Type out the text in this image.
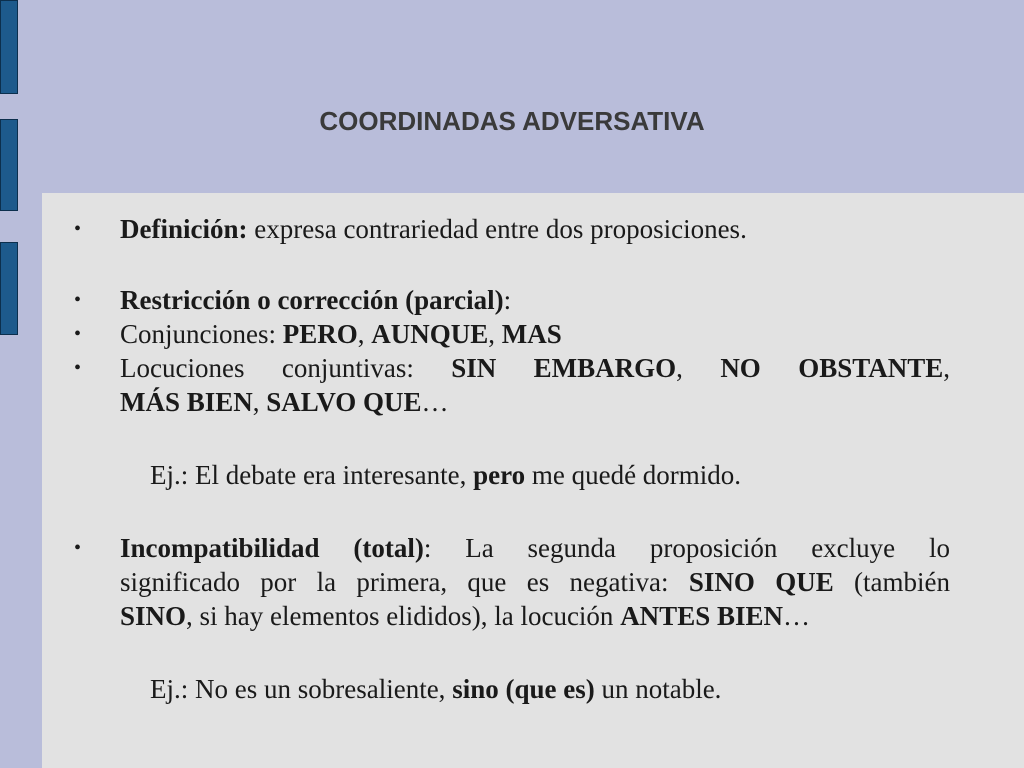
COORDINADAS ADVERSATIVA
• Definición: expresa contrariedad entre dos proposiciones.
• Restricción o corrección (parcial):
• Conjunciones: PERO, AUNQUE, MAS
• Locuciones conjuntivas: SIN EMBARGO, NO OBSTANTE,
MÁS BIEN, SALVO QUE…
Ej.: El debate era interesante, pero me quedé dormido.
• Incompatibilidad (total): La segunda proposición excluye lo
significado por la primera, que es negativa: SINO QUE (también
SINO, si hay elementos elididos), la locución ANTES BIEN…
Ej.: No es un sobresaliente, sino (que es) un notable.
